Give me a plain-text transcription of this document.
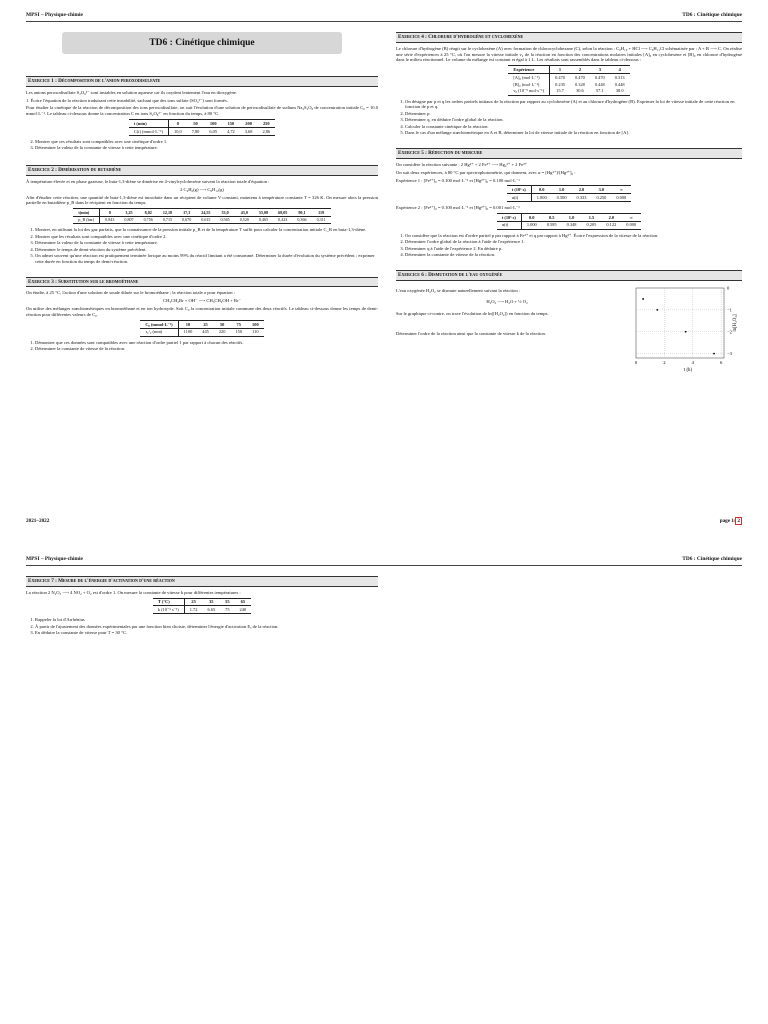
MPSI – Physique-chimie	TD6 : Cinétique chimique
TD6 : Cinétique chimique
Exercice 1 : Décomposition de l'anion peroxodisulfate

Les anions peroxodisulfate S₂O₈²⁻ sont instables en solution aqueuse car ils oxydent lentement l'eau en dioxygène.

1. Écrire l'équation de la réaction traduisant cette instabilité, sachant que des ions sulfate (SO₄²⁻) sont formés.

Pour étudier la cinétique de la réaction de décomposition des ions peroxodisulfate, on suit l'évolution d'une solution de peroxodisulfate de sodium Na₂S₂O₈ de concentration initiale C₀ = 10.0 mmol·L⁻¹. Le tableau ci-dessous donne la concentration C en ions S₂O₈²⁻ en fonction du temps, à 80 °C.

t (min)	0	50	100	150	200	250
C(t) (mmol·L⁻¹)	10,0	7,80	6,05	4,72	3,68	2,86
2. Montrer que ces résultats sont compatibles avec une cinétique d'ordre 1.
3. Déterminer la valeur de la constante de vitesse à cette température.
Exercice 2 : Dimérisation du butadiène

À température élevée et en phase gazeuse, le buta-1,3-diène se dimérise en 4-vinylcyclohexène suivant la réaction totale d'équation :

2 C₄H₆(g) ⟶ C₈H₁₂(g)

Afin d'étudier cette réaction, une quantité de buta-1,3-diène est introduite dans un récipient de volume V constant, maintenu à température constante T = 326 K. On mesure alors la pression partielle en butadiène p_B dans le récipient en fonction du temps.

t(min)	0	3,25	8,02	12,18	17,3	24,55	33,0	43,0	55,08	68,05	90,1	119
p_B (bar)	0,843	0,807	0,756	0,715	0,670	0,615	0,565	0,520	0,465	0,423	0,366	0,311
1. Montrer, en utilisant la loi des gaz parfaits, que la connaissance de la pression initiale p_B et de la température T suffit pour calculer la concentration initiale C_B en buta-1,3-diène.
2. Montrer que les résultats sont compatibles avec une cinétique d'ordre 2.
3. Déterminer la valeur de la constante de vitesse à cette température.
4. Déterminer le temps de demi-réaction du système précédent.
5. On admet souvent qu'une réaction est pratiquement terminée lorsque au moins 99% du réactif limitant a été consommé. Déterminer la durée d'évolution du système précédent ; exprimer cette durée en fonction du temps de demi-réaction.
Exercice 3 : Substitution sur le bromoéthane

On étudie, à 25 °C, l'action d'une solution de soude diluée sur le bromoéthane ; la réaction totale a pour équation :

CH₃CH₂Br + OH⁻ ⟶ CH₃CH₂OH + Br⁻

On utilise des mélanges stœchiométriques en bromoéthane et en ion hydroxyde. Soit C₀ la concentration initiale commune des deux réactifs. Le tableau ci-dessous donne les temps de demi-réaction pour différentes valeurs de C₀.

C₀ (mmol·L⁻¹)	10	25	50	75	100
τ₁/₂ (min)	1100	445	220	150	110
1. Démontrer que ces données sont compatibles avec une réaction d'ordre partiel 1 par rapport à chacun des réactifs.
2. Déterminer la constante de vitesse de la réaction.
Exercice 4 : Chlorure d'hydrogène et cyclohexène

Le chlorure d'hydrogène (B) réagit sur le cyclohexène (A) avec formation de chlorocyclohexane (C), selon la réaction : C₆H₁₀ + HCl ⟶ C₆H₁₁Cl schématisée par : A + B ⟶ C. On réalise une série d'expériences à 25 °C, où l'on mesure la vitesse initiale v₀ de la réaction en fonction des concentrations molaires initiales [A]₀ en cyclohexène et [B]₀ en chlorure d'hydrogène dans le milieu réactionnel. Le volume du mélange est constant et égal à 1 L. Les résultats sont rassemblés dans le tableau ci-dessous :

Expérience	1	2	3	4
[A]₀ (mol·L⁻¹)	0.470	0.470	0.470	0.313
[B]₀ (mol·L⁻¹)	0.235	0.328	0.448	0.448
v₀ (10⁻⁹ mol·s⁻¹)	15.7	30.6	57.1	38.0
1. On désigne par p et q les ordres partiels initiaux de la réaction par rapport au cyclohexène (A) et au chlorure d'hydrogène (B). Exprimer la loi de vitesse initiale de cette réaction en fonction de p et q.
2. Déterminer p.
3. Déterminer q, en déduire l'ordre global de la réaction.
4. Calculer la constante cinétique de la réaction.
5. Dans le cas d'un mélange stœchiométrique en A et B, déterminer la loi de vitesse initiale de la réaction en fonction de [A].
Exercice 5 : Réduction du mercure

On considère la réaction suivante : 2 Hg²⁺ + 2 Fe²⁺ ⟶ Hg₂²⁺ + 2 Fe³⁺

On suit deux expériences, à 80 °C par spectrophotométrie, qui donnent, avec α = [Hg²⁺]/[Hg²⁺]₀ :

Expérience 1 : [Fe²⁺]₀ = 0.100 mol·L⁻¹ et [Hg²⁺]₀ = 0.100 mol·L⁻¹

t (10⁵ s)	0.0	1.0	2.0	3.0	∞
α(t)	1.000	0.500	0.333	0.250	0.000

Expérience 2 : [Fe²⁺]₀ = 0.100 mol·L⁻¹ et [Hg²⁺]₀ = 0.001 mol·L⁻¹

t (10⁵ s)	0.0	0.5	1.0	1.5	2.0	∞
α(t)	1.000	0.585	0.348	0.205	0.122	0.000
1. On considère que la réaction est d'ordre partiel p par rapport à Fe²⁺ et q par rapport à Hg²⁺. Écrire l'expression de la vitesse de la réaction.
2. Déterminer l'ordre global de la réaction à l'aide de l'expérience 1.
3. Déterminer q à l'aide de l'expérience 2. En déduire p.
4. Déterminer la constante de vitesse de la réaction.
Exercice 6 : Dismutation de l'eau oxygénée

L'eau oxygénée H₂O₂ se dismute naturellement suivant la réaction :

H₂O₂ ⟶ H₂O + ½ O₂

Sur le graphique ci-contre, on trace l'évolution de ln([H₂O₂]) en fonction du temps.

Déterminer l'ordre de la réaction ainsi que la constante de vitesse k de la réaction.

0	2	4	6
0
−1
−2
−3
t (h)
ln[H₂O₂]
2021–2022	page 1/ 2
MPSI – Physique-chimie	TD6 : Cinétique chimique
Exercice 7 : Mesure de l'énergie d'activation d'une réaction

La réaction 2 N₂O₅ ⟶ 4 NO₂ + O₂ est d'ordre 1. On mesure la constante de vitesse k pour différentes températures :

T (°C)	25	35	55	65
k (10⁻⁵ s⁻¹)	1.72	6.65	75	240
1. Rappeler la loi d'Arrhénius
2. À partir de l'ajustement des données expérimentales par une fonction bien choisie, déterminer l'énergie d'activation Eₐ de la réaction.
3. En déduire la constante de vitesse pour T = 30 °C.
